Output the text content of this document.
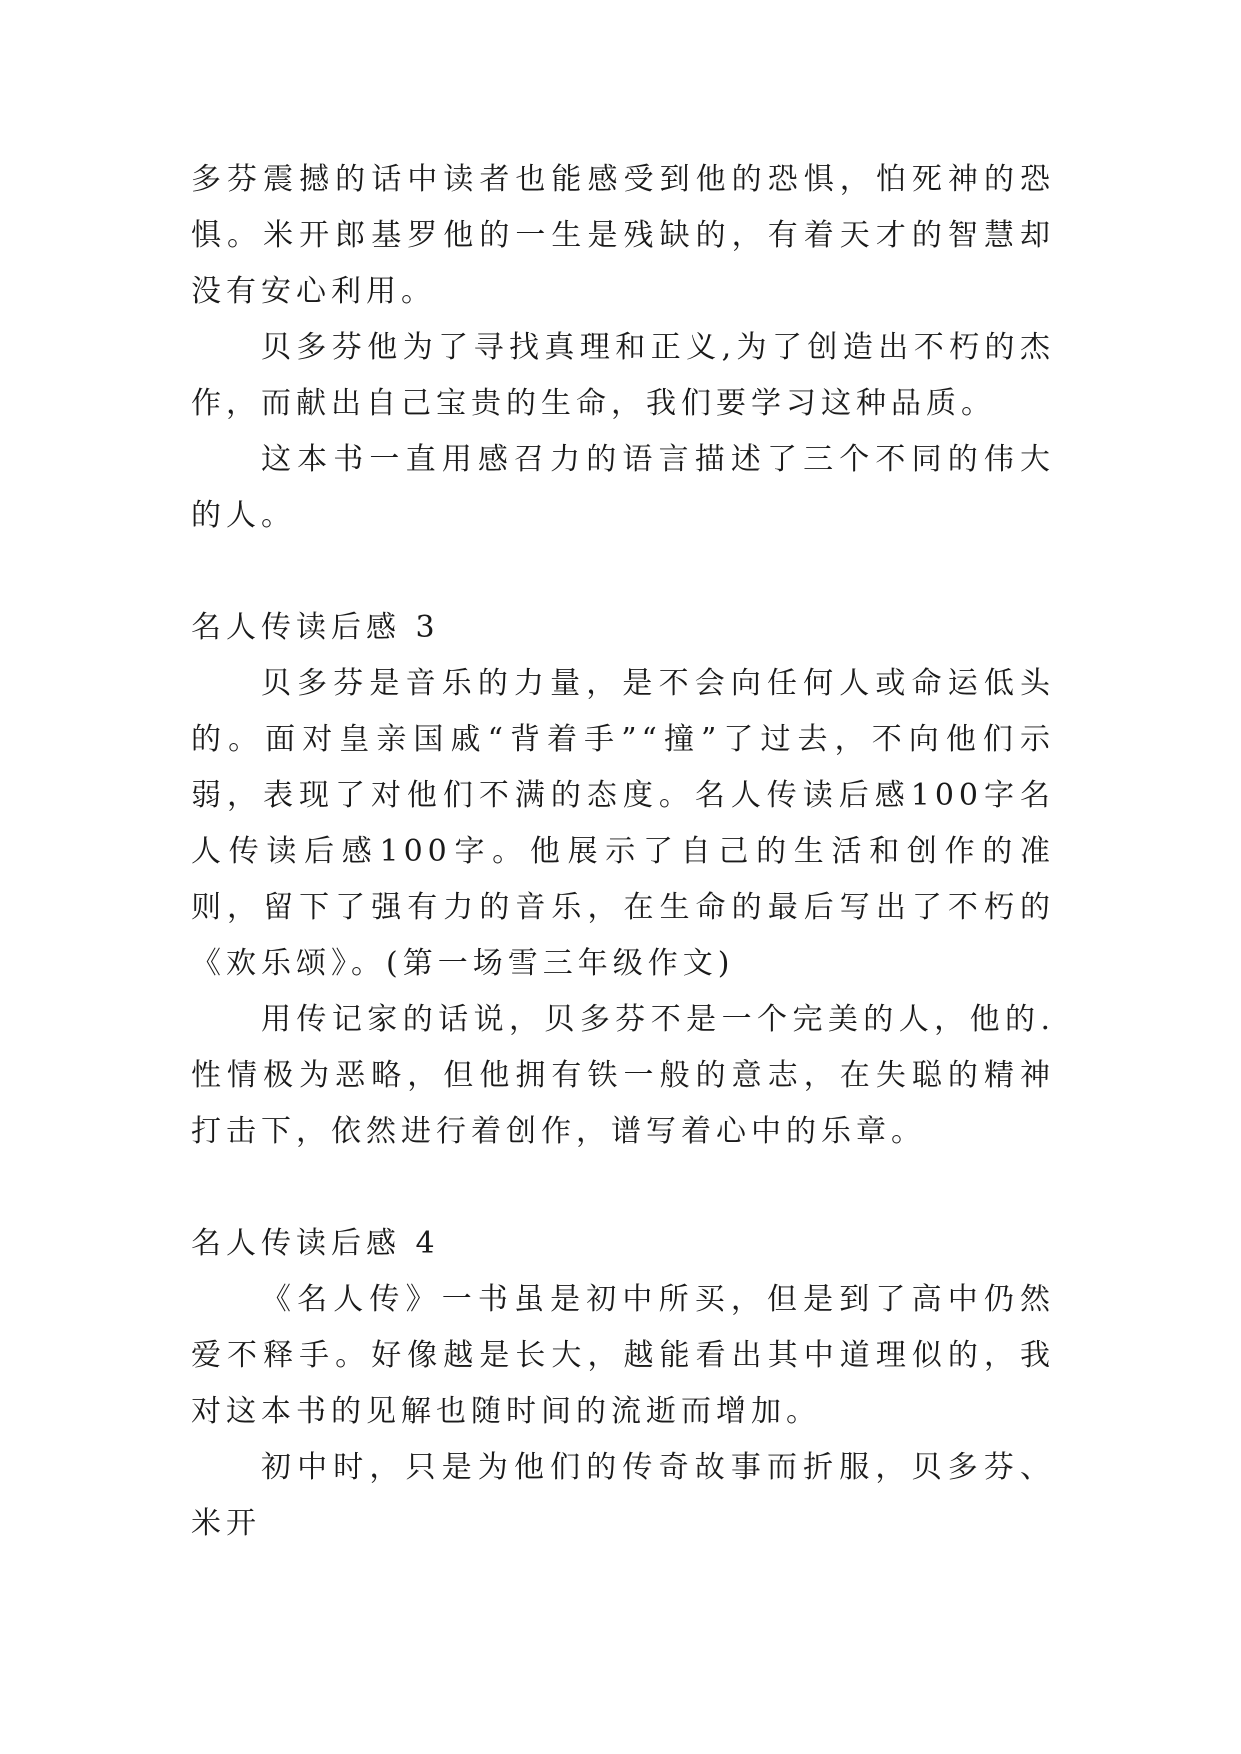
多芬震撼的话中读者也能感受到他的恐惧，怕死神的恐惧。米开郎基罗他的一生是残缺的，有着天才的智慧却没有安心利用。

贝多芬他为了寻找真理和正义,为了创造出不朽的杰作，而献出自己宝贵的生命，我们要学习这种品质。

这本书一直用感召力的语言描述了三个不同的伟大的人。

名人传读后感 3

贝多芬是音乐的力量，是不会向任何人或命运低头的。面对皇亲国戚“背着手”“撞”了过去，不向他们示弱，表现了对他们不满的态度。名人传读后感100字名人传读后感100字。他展示了自己的生活和创作的准则，留下了强有力的音乐，在生命的最后写出了不朽的《欢乐颂》。(第一场雪三年级作文)

用传记家的话说，贝多芬不是一个完美的人，他的.性情极为恶略，但他拥有铁一般的意志，在失聪的精神打击下，依然进行着创作，谱写着心中的乐章。

名人传读后感 4

《名人传》一书虽是初中所买，但是到了高中仍然爱不释手。好像越是长大，越能看出其中道理似的，我对这本书的见解也随时间的流逝而增加。

初中时，只是为他们的传奇故事而折服，贝多芬、米开
